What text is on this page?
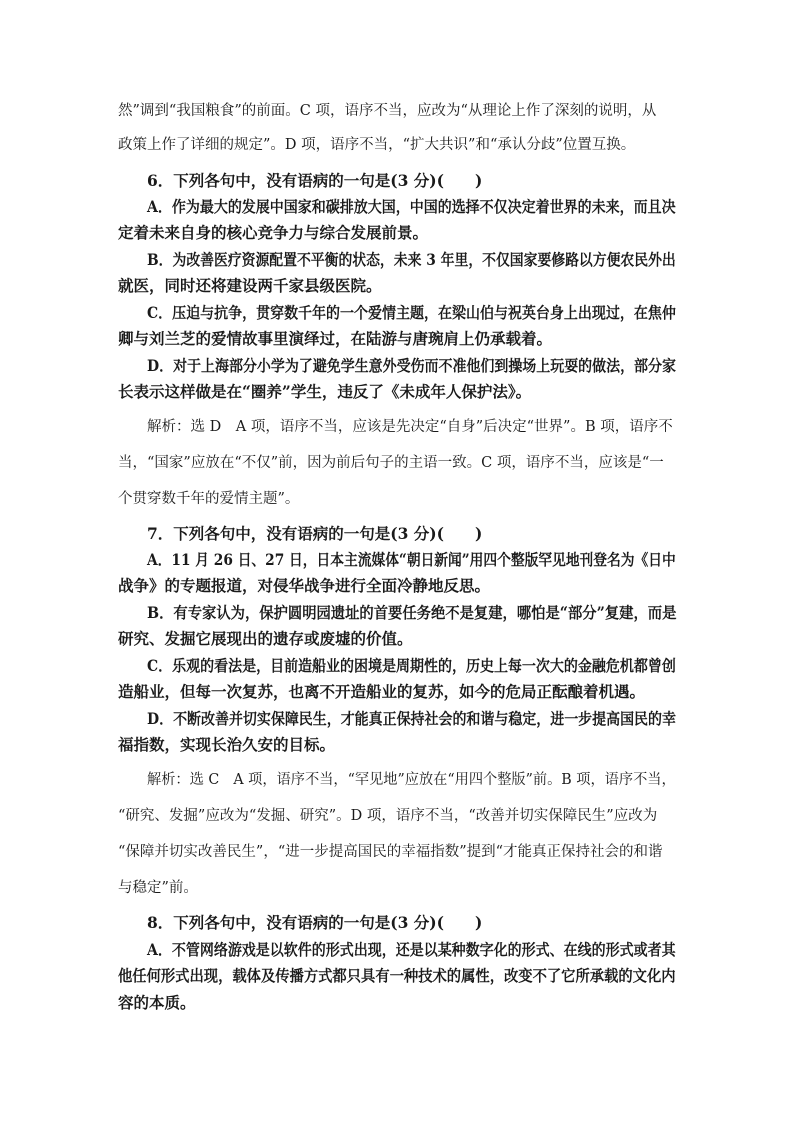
然”调到“我国粮食”的前面。C 项，语序不当，应改为“从理论上作了深刻的说明，从
政策上作了详细的规定”。D 项，语序不当，“扩大共识”和“承认分歧”位置互换。
6．下列各句中，没有语病的一句是(3 分)(　　)
A．作为最大的发展中国家和碳排放大国，中国的选择不仅决定着世界的未来，而且决
定着未来自身的核心竞争力与综合发展前景。
B．为改善医疗资源配置不平衡的状态，未来 3 年里，不仅国家要修路以方便农民外出
就医，同时还将建设两千家县级医院。
C．压迫与抗争，贯穿数千年的一个爱情主题，在梁山伯与祝英台身上出现过，在焦仲
卿与刘兰芝的爱情故事里演绎过，在陆游与唐琬肩上仍承载着。
D．对于上海部分小学为了避免学生意外受伤而不准他们到操场上玩耍的做法，部分家
长表示这样做是在“圈养”学生，违反了《未成年人保护法》。
解析：选 D　A 项，语序不当，应该是先决定“自身”后决定“世界”。B 项，语序不
当，“国家”应放在“不仅”前，因为前后句子的主语一致。C 项，语序不当，应该是“一
个贯穿数千年的爱情主题”。
7．下列各句中，没有语病的一句是(3 分)(　　)
A．11 月 26 日、27 日，日本主流媒体“朝日新闻”用四个整版罕见地刊登名为《日中
战争》的专题报道，对侵华战争进行全面冷静地反思。
B．有专家认为，保护圆明园遗址的首要任务绝不是复建，哪怕是“部分”复建，而是
研究、发掘它展现出的遗存或废墟的价值。
C．乐观的看法是，目前造船业的困境是周期性的，历史上每一次大的金融危机都曾创
造船业，但每一次复苏，也离不开造船业的复苏，如今的危局正酝酿着机遇。
D．不断改善并切实保障民生，才能真正保持社会的和谐与稳定，进一步提高国民的幸
福指数，实现长治久安的目标。
解析：选 C　A 项，语序不当，“罕见地”应放在“用四个整版”前。B 项，语序不当，
“研究、发掘”应改为“发掘、研究”。D 项，语序不当，“改善并切实保障民生”应改为
“保障并切实改善民生”，“进一步提高国民的幸福指数”提到“才能真正保持社会的和谐
与稳定”前。
8．下列各句中，没有语病的一句是(3 分)(　　)
A．不管网络游戏是以软件的形式出现，还是以某种数字化的形式、在线的形式或者其
他任何形式出现，载体及传播方式都只具有一种技术的属性，改变不了它所承载的文化内
容的本质。
